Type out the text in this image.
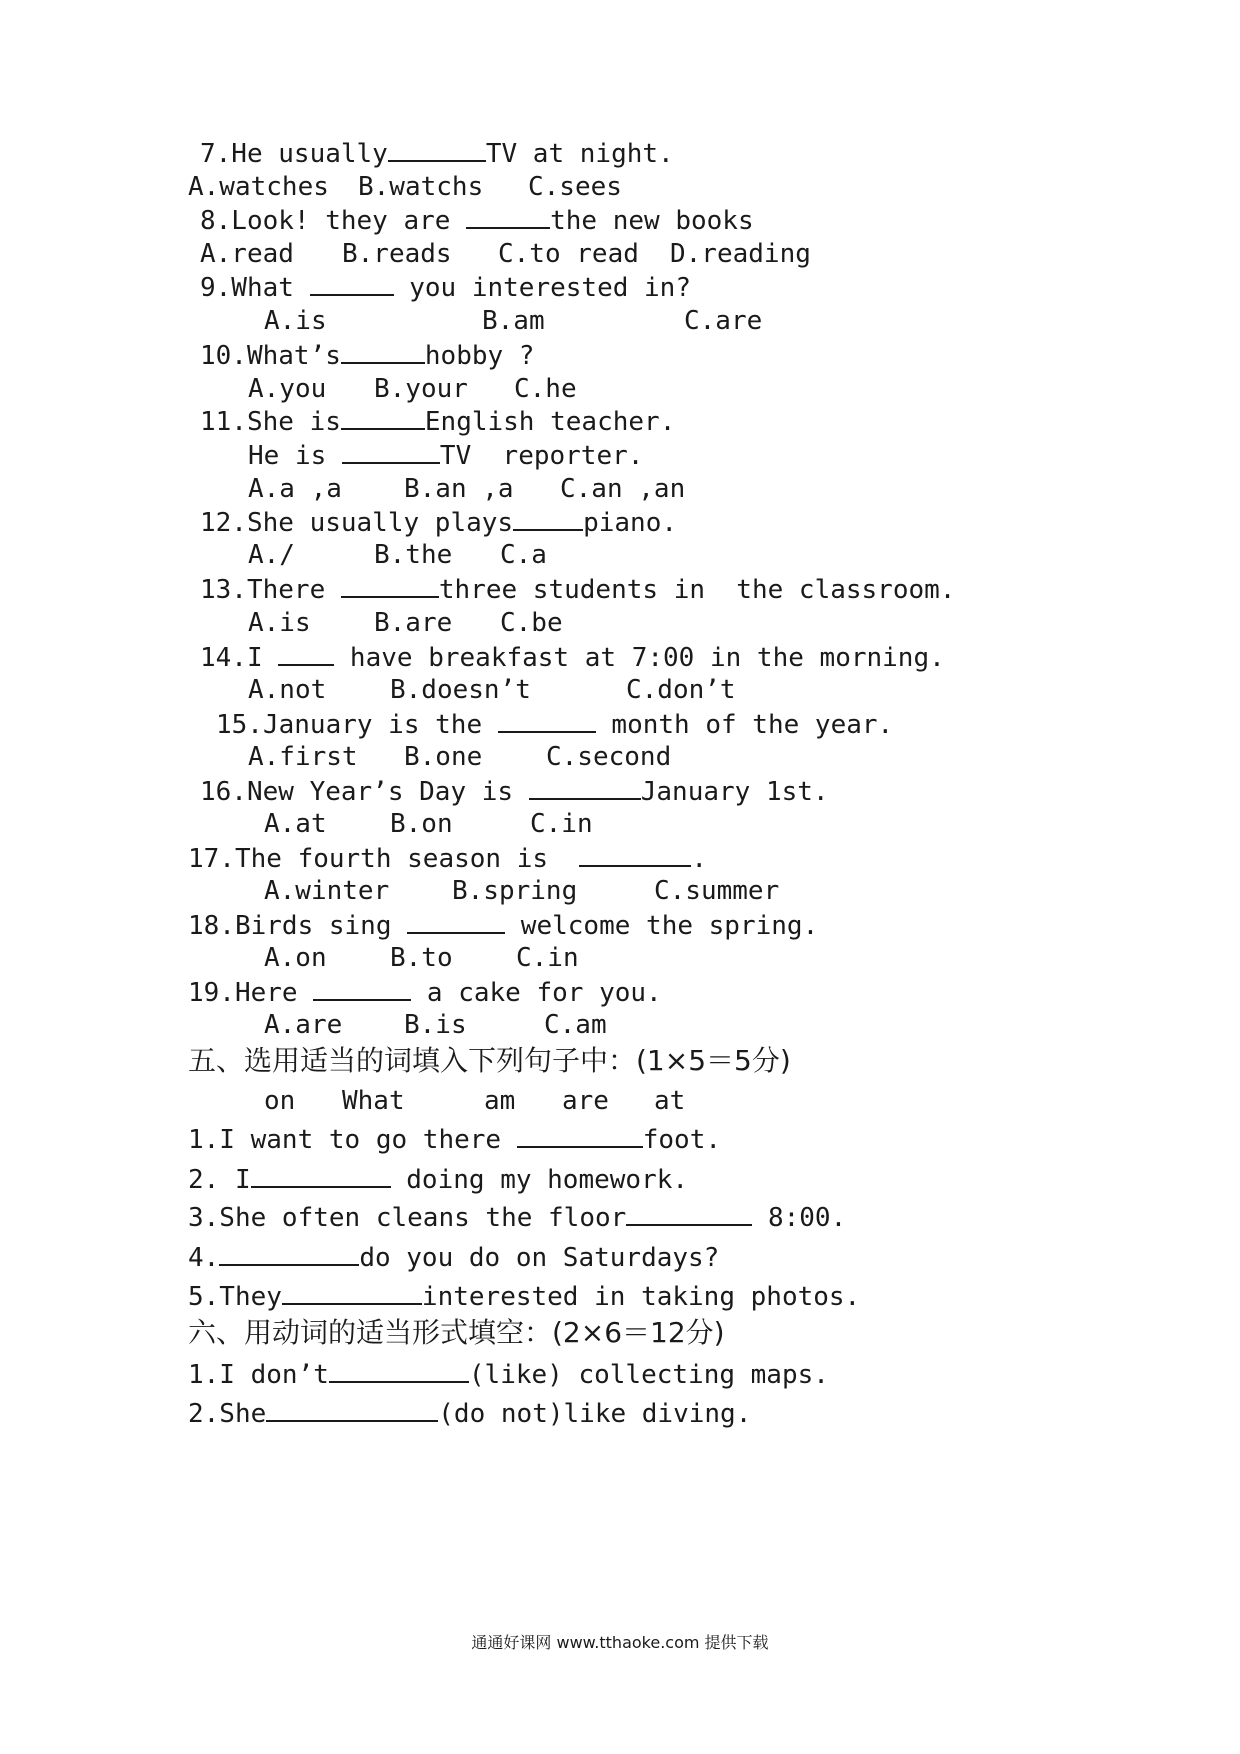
7.He usually	TV at night.
A.watches B.watchs C.sees
8.Look! they are	the new books
A.read B.reads C.to read D.reading
9.What	you interested in?
A.is	B.am	C.are
10.What’s	hobby ?
A.you B.your C.he
11.She is	English teacher.
He is	TV  reporter.
A.a ,a B.an ,a C.an ,an
12.She usually plays	piano.
A./	B.the C.a
13.There	three students in  the classroom.
A.is B.are C.be
14.I  have breakfast at 7:00 in the morning.
A.not B.doesn’t	C.don’t
15.January is the	month of the year.
A.first B.one C.second
16.New Year’s Day is	January 1st.
A.at B.on	C.in
17.The fourth season is	.
A.winter B.spring	C.summer
18.Birds sing	welcome the spring.
A.on B.to C.in
19.Here	a cake for you.
A.are B.is	C.am
五、选用适当的词填入下列句子中：(1×5＝5分)
on What	am are at
1.I want to go there	foot.
2. I	doing my homework.
3.She often cleans the floor	8:00.
4.	do you do on Saturdays?
5.They	interested in taking photos.
六、用动词的适当形式填空：(2×6＝12分)
1.I don’t	(like) collecting maps.
2.She	(do not)like diving.
通通好课网 www.tthaoke.com 提供下载
